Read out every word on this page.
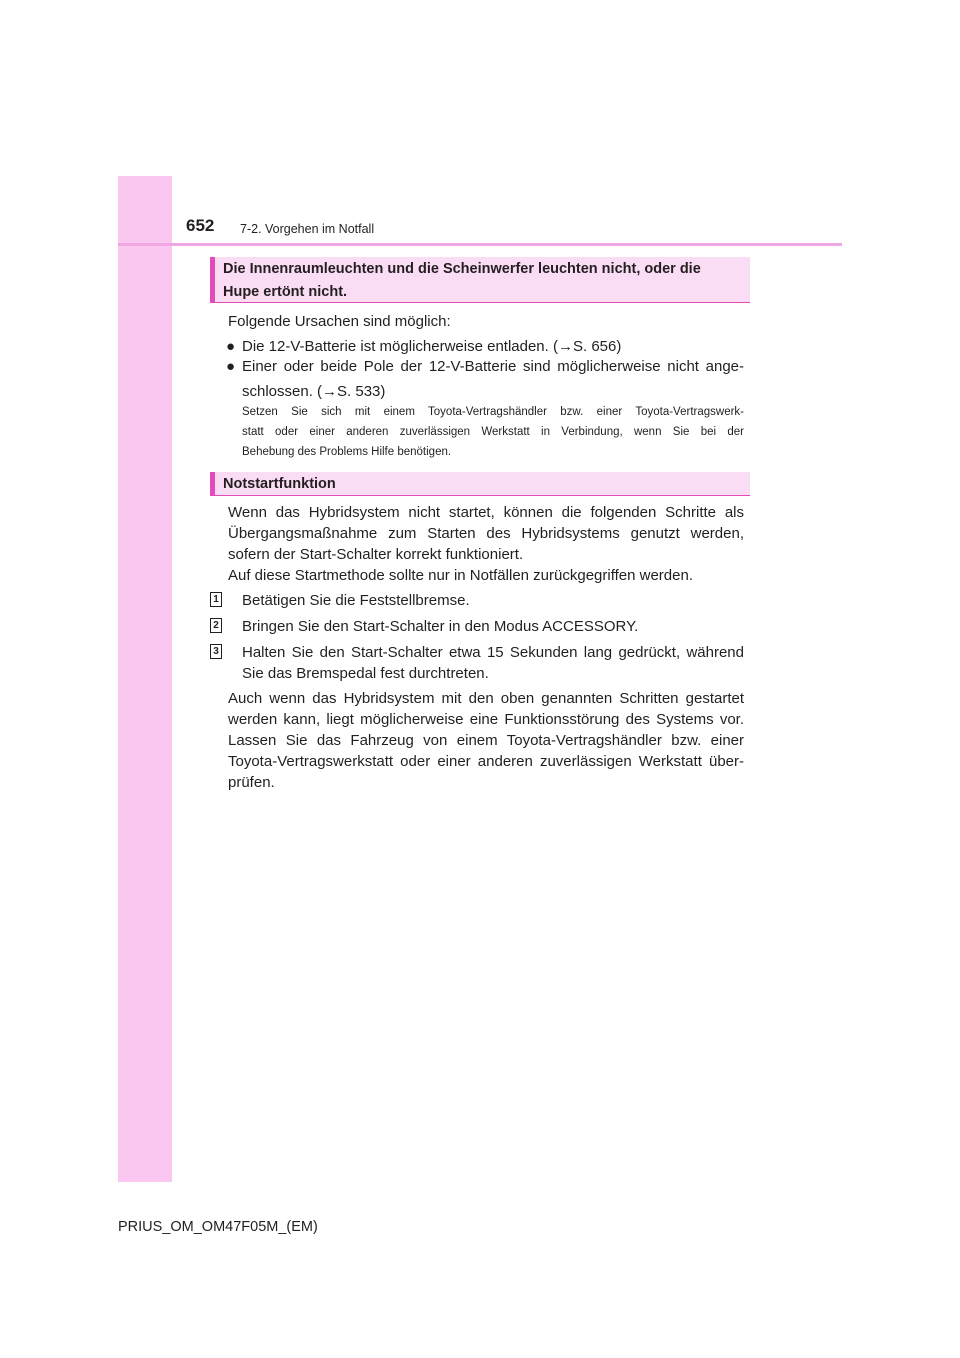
652 7-2. Vorgehen im Notfall
Die Innenraumleuchten und die Scheinwerfer leuchten nicht, oder die
Hupe ertönt nicht.
Folgende Ursachen sind möglich:
● Die 12-V-Batterie ist möglicherweise entladen. (→S. 656)
● Einer oder beide Pole der 12-V-Batterie sind möglicherweise nicht ange-
schlossen. (→S. 533)
Setzen Sie sich mit einem Toyota-Vertragshändler bzw. einer Toyota-Vertragswerk-
statt oder einer anderen zuverlässigen Werkstatt in Verbindung, wenn Sie bei der
Behebung des Problems Hilfe benötigen.
Notstartfunktion
Wenn das Hybridsystem nicht startet, können die folgenden Schritte als
Übergangsmaßnahme zum Starten des Hybridsystems genutzt werden,
sofern der Start-Schalter korrekt funktioniert.
Auf diese Startmethode sollte nur in Notfällen zurückgegriffen werden.
1 Betätigen Sie die Feststellbremse.
2 Bringen Sie den Start-Schalter in den Modus ACCESSORY.
3 Halten Sie den Start-Schalter etwa 15 Sekunden lang gedrückt, während
Sie das Bremspedal fest durchtreten.
Auch wenn das Hybridsystem mit den oben genannten Schritten gestartet
werden kann, liegt möglicherweise eine Funktionsstörung des Systems vor.
Lassen Sie das Fahrzeug von einem Toyota-Vertragshändler bzw. einer
Toyota-Vertragswerkstatt oder einer anderen zuverlässigen Werkstatt über-
prüfen.
PRIUS_OM_OM47F05M_(EM)
